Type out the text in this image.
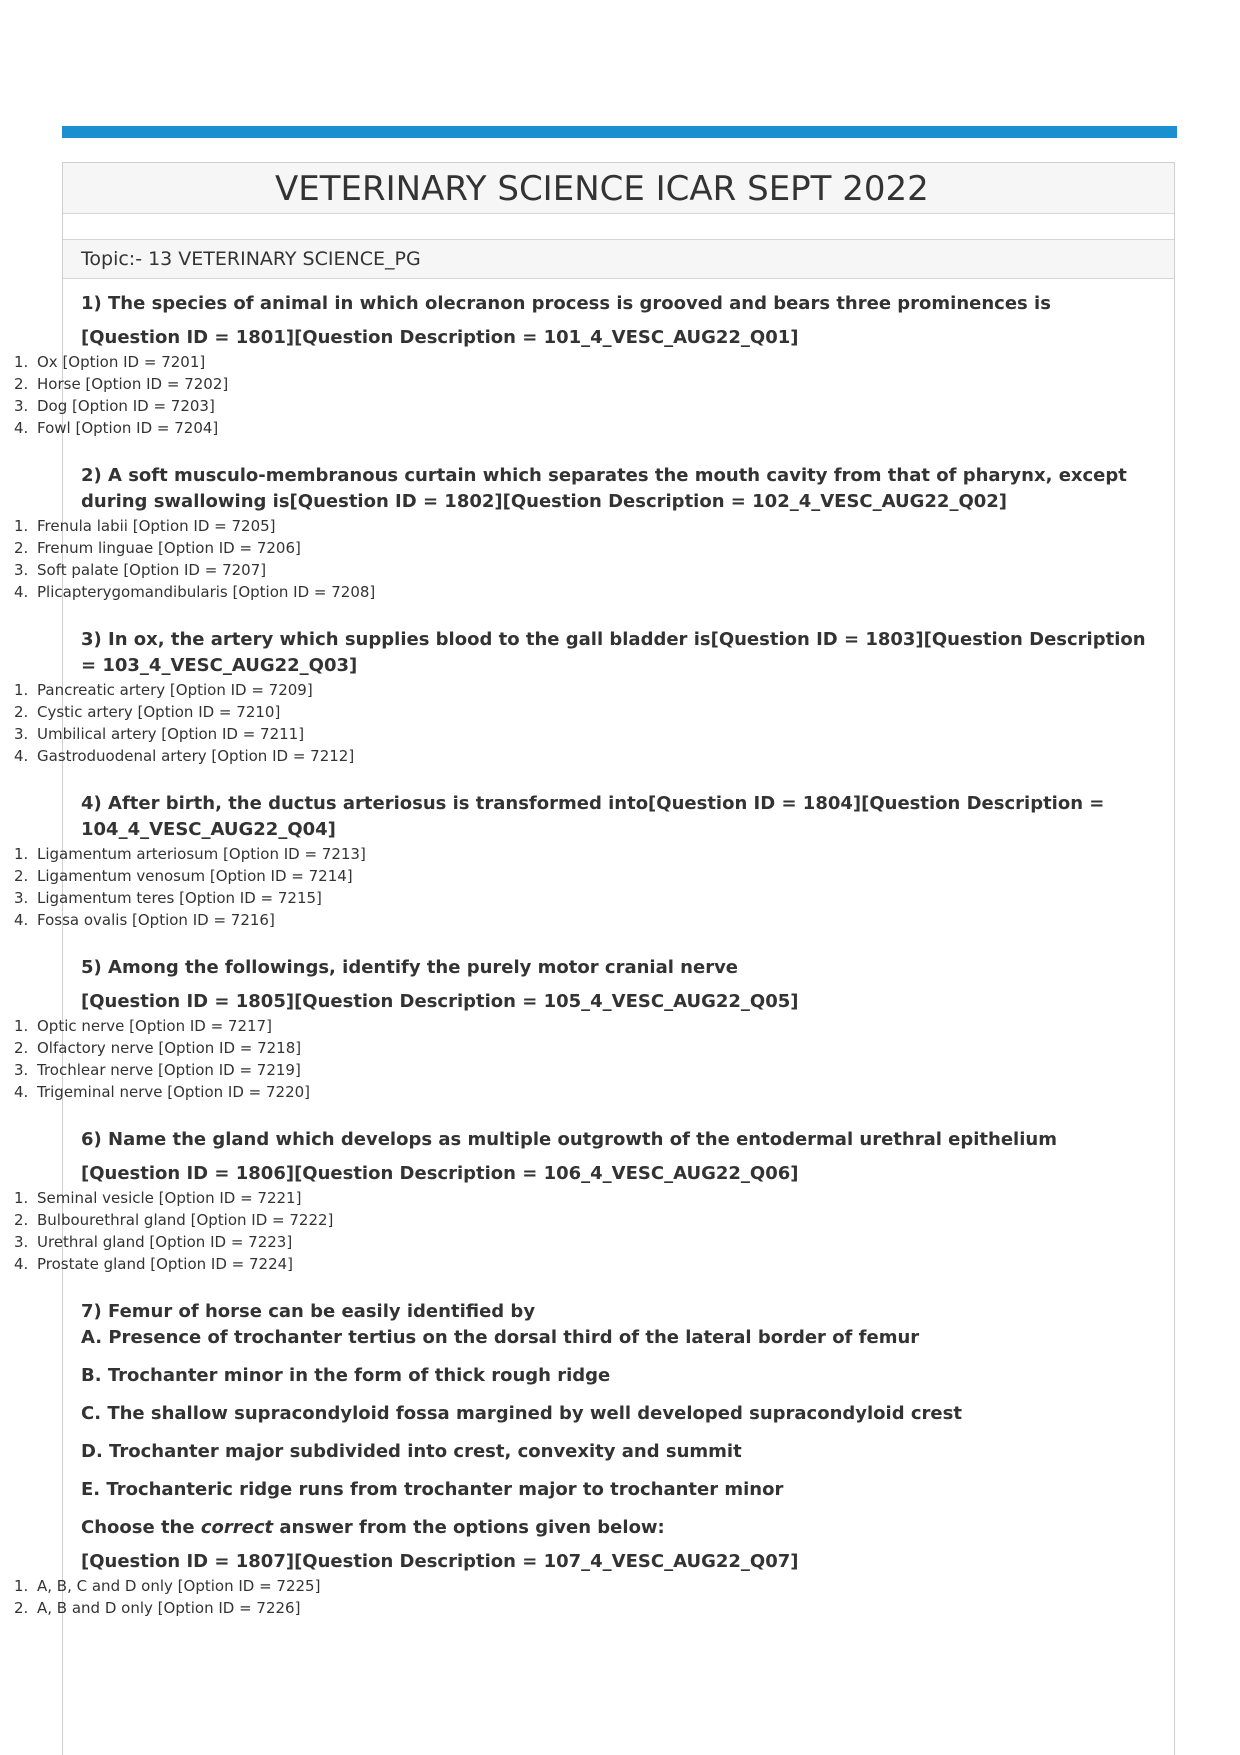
VETERINARY SCIENCE ICAR SEPT 2022
Topic:- 13 VETERINARY SCIENCE_PG
1) The species of animal in which olecranon process is grooved and bears three prominences is
[Question ID = 1801][Question Description = 101_4_VESC_AUG22_Q01]
1. Ox [Option ID = 7201]
2. Horse [Option ID = 7202]
3. Dog [Option ID = 7203]
4. Fowl [Option ID = 7204]
2) A soft musculo-membranous curtain which separates the mouth cavity from that of pharynx, except during swallowing is[Question ID = 1802][Question Description = 102_4_VESC_AUG22_Q02]
1. Frenula labii [Option ID = 7205]
2. Frenum linguae [Option ID = 7206]
3. Soft palate [Option ID = 7207]
4. Plicapterygomandibularis [Option ID = 7208]
3) In ox, the artery which supplies blood to the gall bladder is[Question ID = 1803][Question Description = 103_4_VESC_AUG22_Q03]
1. Pancreatic artery [Option ID = 7209]
2. Cystic artery [Option ID = 7210]
3. Umbilical artery [Option ID = 7211]
4. Gastroduodenal artery [Option ID = 7212]
4) After birth, the ductus arteriosus is transformed into[Question ID = 1804][Question Description = 104_4_VESC_AUG22_Q04]
1. Ligamentum arteriosum [Option ID = 7213]
2. Ligamentum venosum [Option ID = 7214]
3. Ligamentum teres [Option ID = 7215]
4. Fossa ovalis [Option ID = 7216]
5) Among the followings, identify the purely motor cranial nerve
[Question ID = 1805][Question Description = 105_4_VESC_AUG22_Q05]
1. Optic nerve [Option ID = 7217]
2. Olfactory nerve [Option ID = 7218]
3. Trochlear nerve [Option ID = 7219]
4. Trigeminal nerve [Option ID = 7220]
6) Name the gland which develops as multiple outgrowth of the entodermal urethral epithelium
[Question ID = 1806][Question Description = 106_4_VESC_AUG22_Q06]
1. Seminal vesicle [Option ID = 7221]
2. Bulbourethral gland [Option ID = 7222]
3. Urethral gland [Option ID = 7223]
4. Prostate gland [Option ID = 7224]
7) Femur of horse can be easily identified by
A. Presence of trochanter tertius on the dorsal third of the lateral border of femur
B. Trochanter minor in the form of thick rough ridge
C. The shallow supracondyloid fossa margined by well developed supracondyloid crest
D. Trochanter major subdivided into crest, convexity and summit
E. Trochanteric ridge runs from trochanter major to trochanter minor
Choose the correct answer from the options given below:
[Question ID = 1807][Question Description = 107_4_VESC_AUG22_Q07]
1. A, B, C and D only [Option ID = 7225]
2. A, B and D only [Option ID = 7226]
